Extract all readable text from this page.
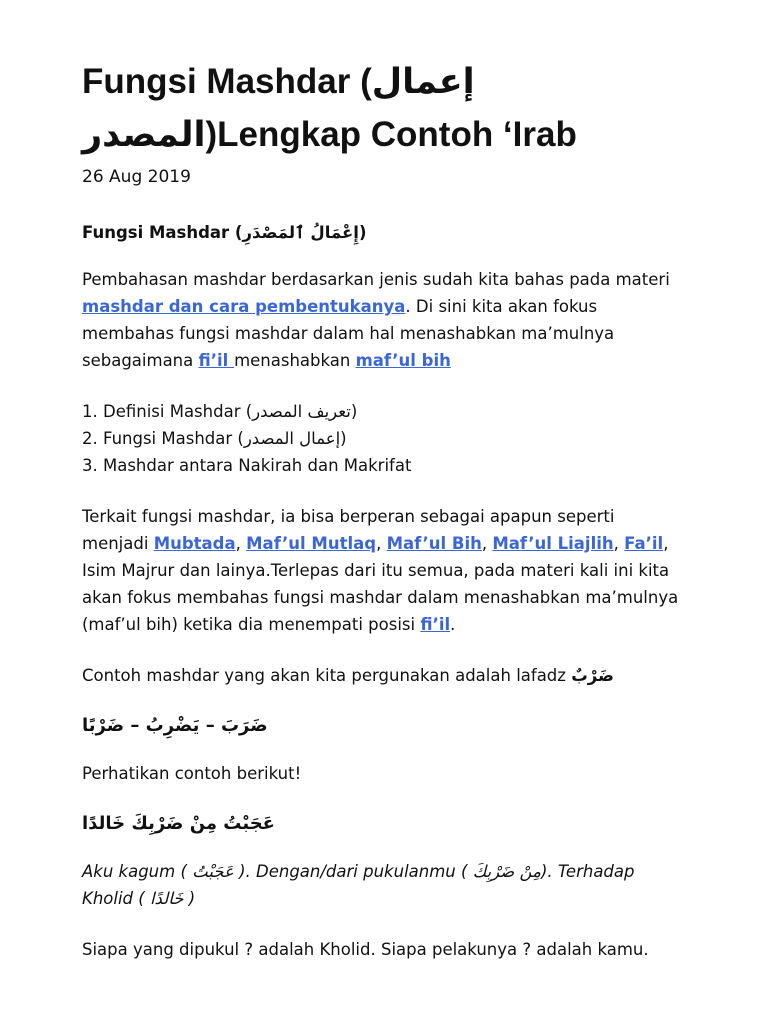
Fungsi Mashdar (إعمال المصدر)Lengkap Contoh ‘Irab
26 Aug 2019
Fungsi Mashdar (إِعْمَالُ ٱلمَصْدَرِ)

Pembahasan mashdar berdasarkan jenis sudah kita bahas pada materi mashdar dan cara pembentukanya. Di sini kita akan fokus membahas fungsi mashdar dalam hal menashabkan ma’mulnya sebagaimana fi’il menashabkan maf’ul bih

1. Definisi Mashdar (تعريف المصدر)
2. Fungsi Mashdar (إعمال المصدر)
3. Mashdar antara Nakirah dan Makrifat

Terkait fungsi mashdar, ia bisa berperan sebagai apapun seperti menjadi Mubtada, Maf’ul Mutlaq, Maf’ul Bih, Maf’ul Liajlih, Fa’il, Isim Majrur dan lainya.Terlepas dari itu semua, pada materi kali ini kita akan fokus membahas fungsi mashdar dalam menashabkan ma’mulnya (maf’ul bih) ketika dia menempati posisi fi’il.

Contoh mashdar yang akan kita pergunakan adalah lafadz ضَرْبٌ

ضَرَبَ – يَضْرِبُ – ضَرْبًا

Perhatikan contoh berikut!

عَجَبْتُ مِنْ ضَرْبِكَ خَالدًا

Aku kagum ( عَجَبْتُ ). Dengan/dari pukulanmu ( مِنْ ضَرْبِكَ). Terhadap Kholid ( خَالدًا )

Siapa yang dipukul ? adalah Kholid. Siapa pelakunya ? adalah kamu.
